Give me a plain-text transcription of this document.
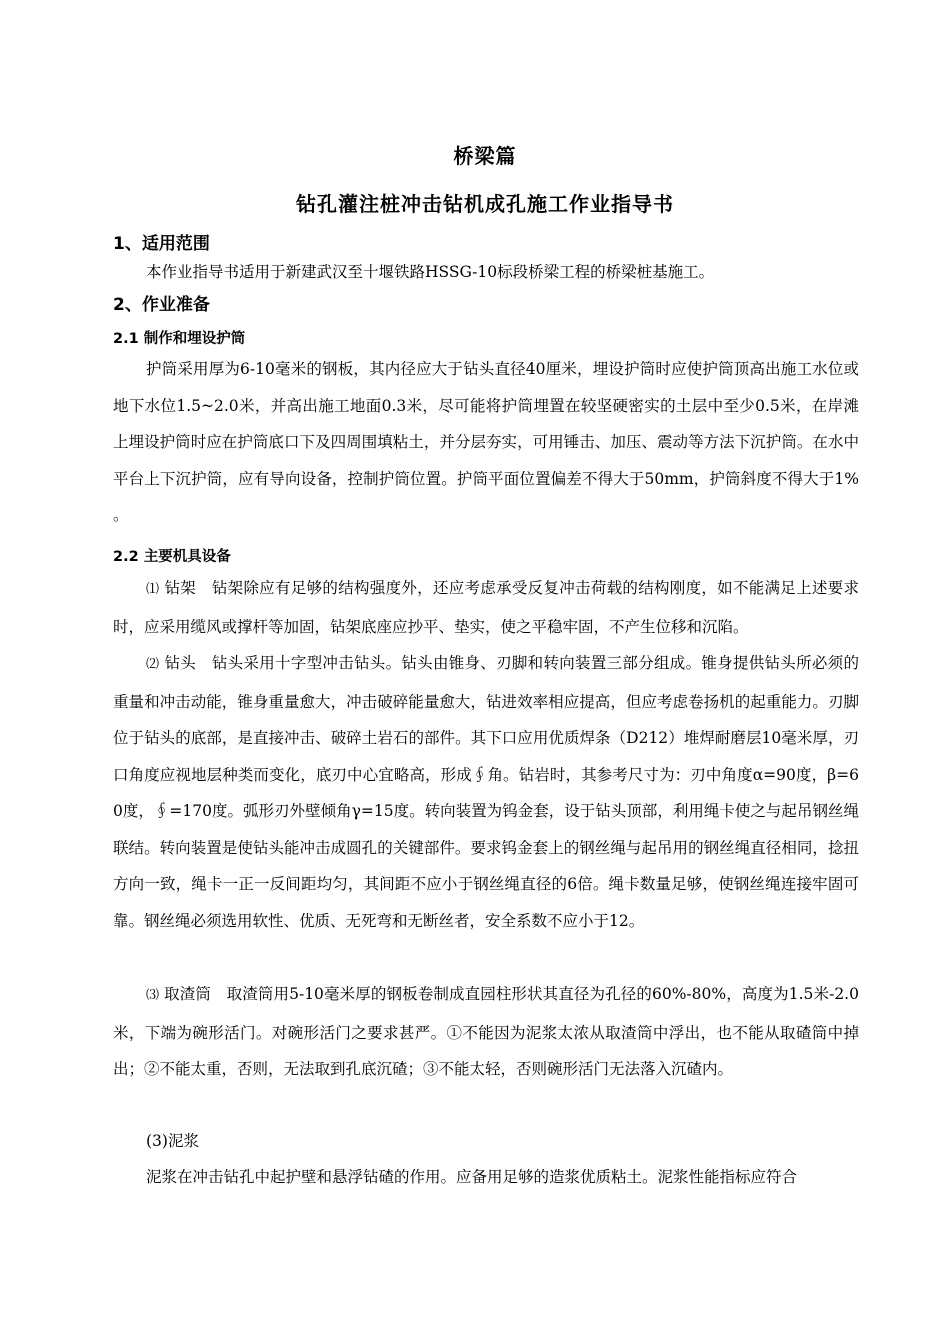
桥梁篇
钻孔灌注桩冲击钻机成孔施工作业指导书
1、适用范围

本作业指导书适用于新建武汉至十堰铁路HSSG-10标段桥梁工程的桥梁桩基施工。

2、作业准备
2.1 制作和埋设护筒

护筒采用厚为6-10毫米的钢板，其内径应大于钻头直径40厘米，埋设护筒时应使护筒顶高出施工水位或地下水位1.5~2.0米，并高出施工地面0.3米，尽可能将护筒埋置在较坚硬密实的土层中至少0.5米，在岸滩上埋设护筒时应在护筒底口下及四周围填粘土，并分层夯实，可用锤击、加压、震动等方法下沉护筒。在水中平台上下沉护筒，应有导向设备，控制护筒位置。护筒平面位置偏差不得大于50mm，护筒斜度不得大于1% 。

2.2 主要机具设备

⑴ 钻架　钻架除应有足够的结构强度外，还应考虑承受反复冲击荷载的结构刚度，如不能满足上述要求时，应采用缆风或撑杆等加固，钻架底座应抄平、垫实，使之平稳牢固，不产生位移和沉陷。

⑵ 钻头　钻头采用十字型冲击钻头。钻头由锥身、刃脚和转向装置三部分组成。锥身提供钻头所必须的重量和冲击动能，锥身重量愈大，冲击破碎能量愈大，钻进效率相应提高，但应考虑卷扬机的起重能力。刃脚位于钻头的底部，是直接冲击、破碎土岩石的部件。其下口应用优质焊条（D212）堆焊耐磨层10毫米厚，刃口角度应视地层种类而变化，底刃中心宜略高，形成∮角。钻岩时，其参考尺寸为：刃中角度α=90度，β=60度，∮=170度。弧形刃外壁倾角γ=15度。转向装置为钨金套，设于钻头顶部，利用绳卡使之与起吊钢丝绳联结。转向装置是使钻头能冲击成圆孔的关键部件。要求钨金套上的钢丝绳与起吊用的钢丝绳直径相同，捻扭方向一致，绳卡一正一反间距均匀，其间距不应小于钢丝绳直径的6倍。绳卡数量足够，使钢丝绳连接牢固可靠。钢丝绳必须选用软性、优质、无死弯和无断丝者，安全系数不应小于12。

⑶ 取渣筒　取渣筒用5-10毫米厚的钢板卷制成直园柱形状其直径为孔径的60%-80%，高度为1.5米-2.0米，下端为碗形活门。对碗形活门之要求甚严。①不能因为泥浆太浓从取渣筒中浮出，也不能从取碴筒中掉出；②不能太重，否则，无法取到孔底沉碴；③不能太轻，否则碗形活门无法落入沉碴内。

(3)泥浆

泥浆在冲击钻孔中起护壁和悬浮钻碴的作用。应备用足够的造浆优质粘土。泥浆性能指标应符合
